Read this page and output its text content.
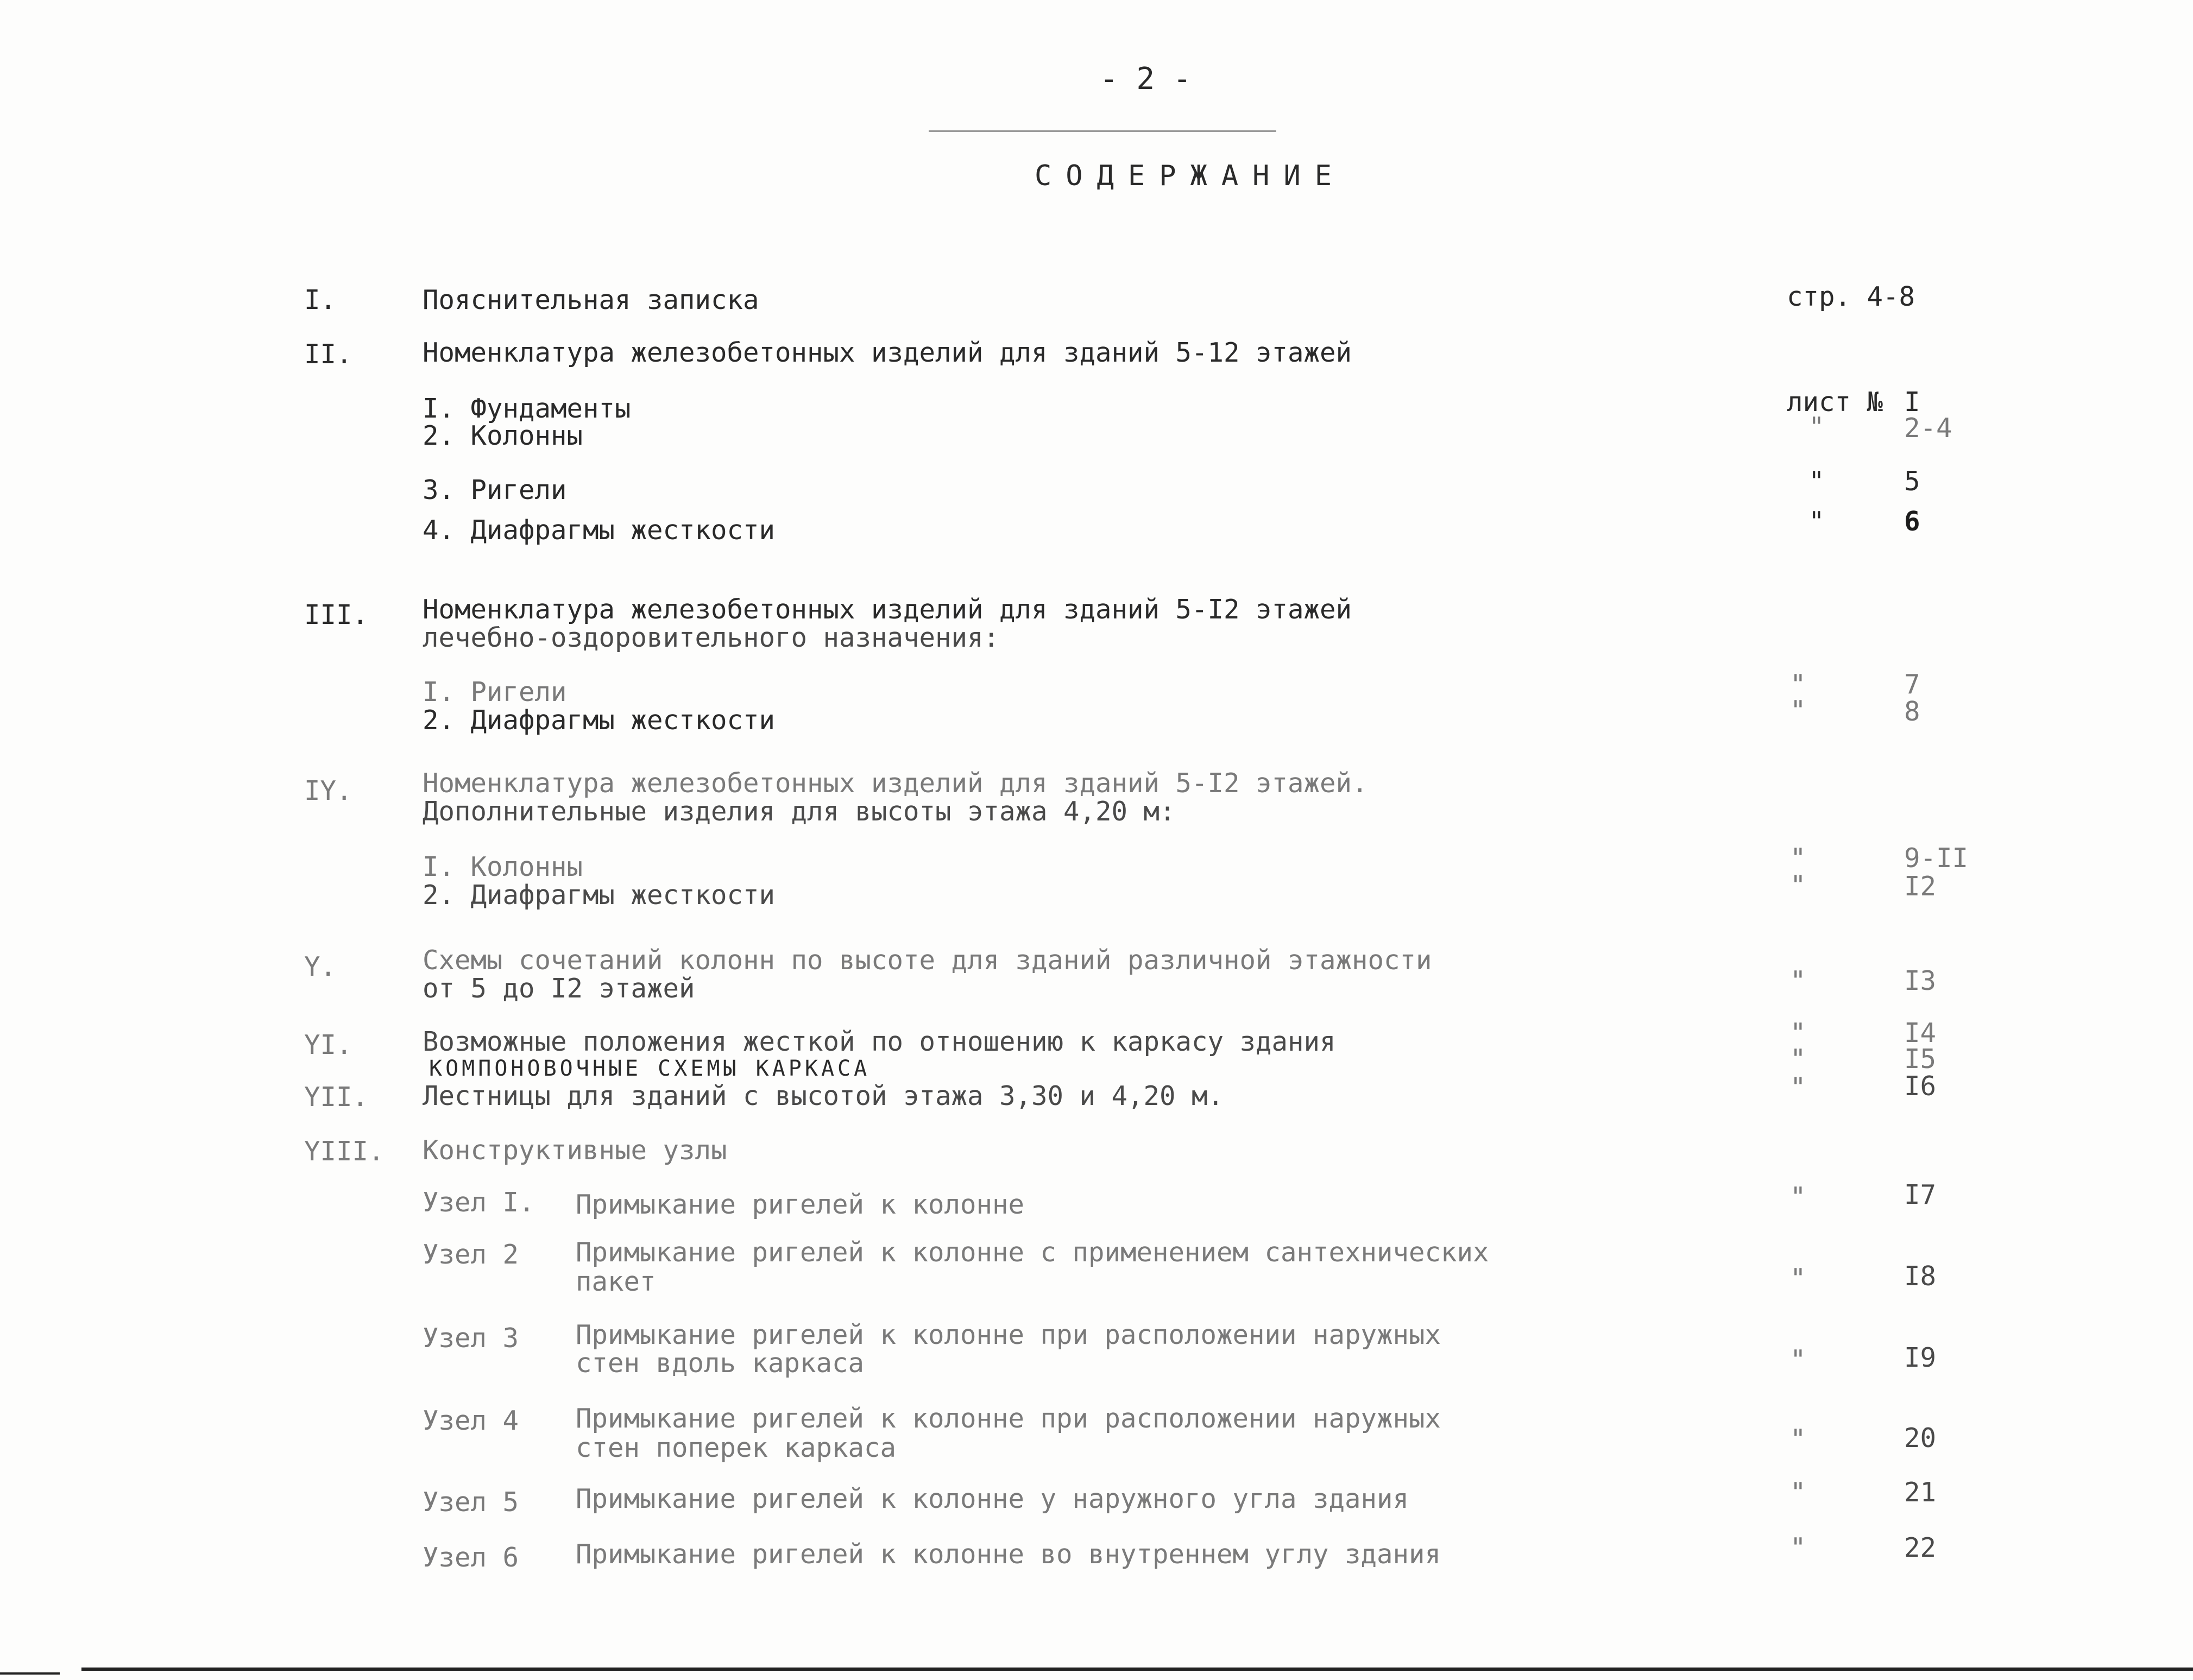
- 2 -
СОДЕРЖАНИЕ
I.	Пояснительная записка	стр. 4-8
II.	Номенклатура железобетонных изделий для зданий 5-12 этажей
I. Фундаменты	лист № I
2. Колонны	"	2-4
3. Ригели	"	5
4. Диафрагмы жесткости	"	6
III. Номенклатура железобетонных изделий для зданий 5-I2 этажей
лечебно-оздоровительного назначения:
I. Ригели	"	7
2. Диафрагмы жесткости	"	8
IY.	Номенклатура железобетонных изделий для зданий 5-I2 этажей.
Дополнительные изделия для высоты этажа 4,20 м:
I. Колонны	"	9-II
2. Диафрагмы жесткости	"	I2
Y.	Схемы сочетаний колонн по высоте для зданий различной этажности
от 5 до I2 этажей	"	I3
YI.	Возможные положения жесткой по отношению к каркасу здания	"	I4
КОМПОНОВОЧНЫЕ СХЕМЫ КАРКАСА	"	I5
YII. Лестницы для зданий с высотой этажа 3,30 и 4,20 м.	"	I6
YIII. Конструктивные узлы
Узел I. Примыкание ригелей к колонне	"	I7
Узел 2 Примыкание ригелей к колонне с применением сантехнических
пакет	"	I8
Узел 3 Примыкание ригелей к колонне при расположении наружных
стен вдоль каркаса	"	I9
Узел 4 Примыкание ригелей к колонне при расположении наружных
стен поперек каркаса	"	20
Узел 5 Примыкание ригелей к колонне у наружного угла здания	"	21
Узел 6 Примыкание ригелей к колонне во внутреннем углу здания	"	22
